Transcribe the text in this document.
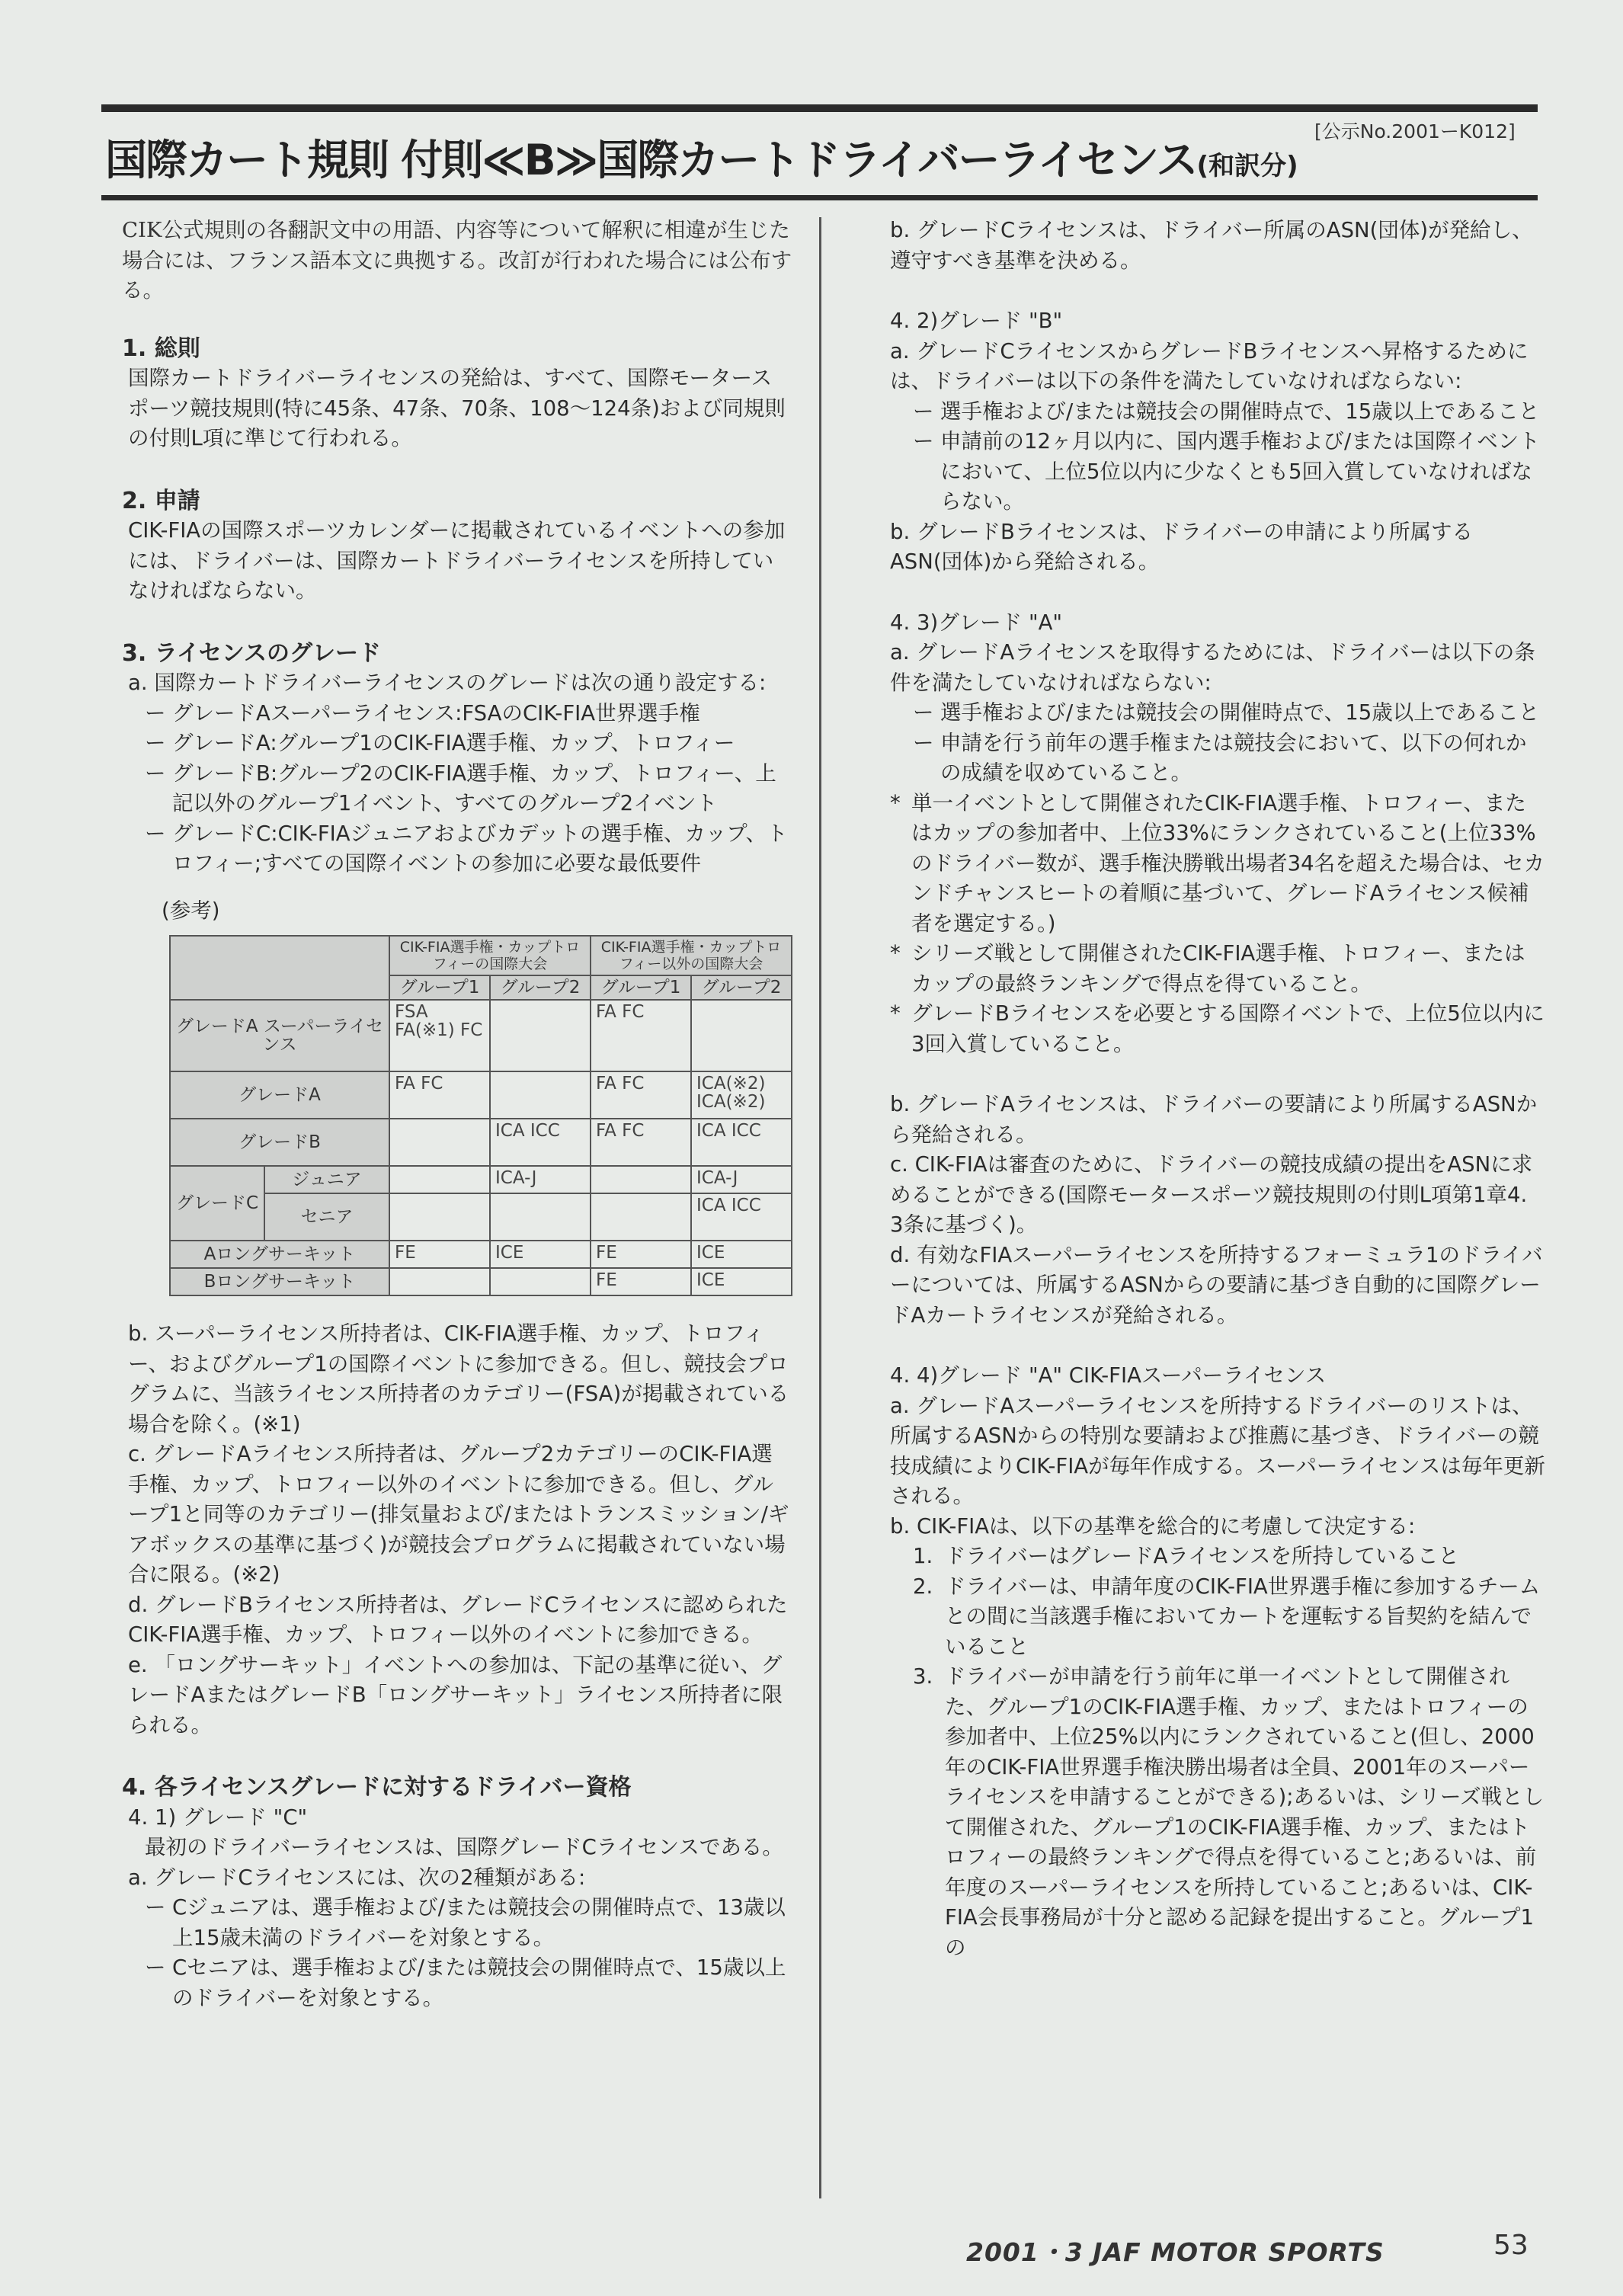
国際カート規則 付則≪B≫国際カートドライバーライセンス(和訳分)
[公示No.2001ーK012]
CIK公式規則の各翻訳文中の用語、内容等について解釈に相違が生じた場合には、フランス語本文に典拠する。改訂が行われた場合には公布する。
1. 総則
国際カートドライバーライセンスの発給は、すべて、国際モータースポーツ競技規則(特に45条、47条、70条、108〜124条)および同規則の付則L項に準じて行われる。
2. 申請
CIK-FIAの国際スポーツカレンダーに掲載されているイベントへの参加には、ドライバーは、国際カートドライバーライセンスを所持していなければならない。
3. ライセンスのグレード
a. 国際カートドライバーライセンスのグレードは次の通り設定する:
ー グレードAスーパーライセンス:FSAのCIK-FIA世界選手権
ー グレードA:グループ1のCIK-FIA選手権、カップ、トロフィー
ー グレードB:グループ2のCIK-FIA選手権、カップ、トロフィー、上記以外のグループ1イベント、すべてのグループ2イベント
ー グレードC:CIK-FIAジュニアおよびカデットの選手権、カップ、トロフィー;すべての国際イベントの参加に必要な最低要件
(参考)
		CIK-FIA選手権・カップトロフィーの国際大会		CIK-FIA選手権・カップトロフィー以外の国際大会	
		グループ1	グループ2	グループ1	グループ2
グレードA スーパーライセンス		FSA FA(※1) FC		FA FC	
グレードA		FA FC		FA FC	ICA(※2) ICA(※2)
グレードB			ICA ICC	FA FC	ICA ICC
グレードC	ジュニア		ICA-J		ICA-J
	セニア				ICA ICC
Aロングサーキット		FE	ICE	FE	ICE
Bロングサーキット				FE	ICE
b. スーパーライセンス所持者は、CIK-FIA選手権、カップ、トロフィー、およびグループ1の国際イベントに参加できる。但し、競技会プログラムに、当該ライセンス所持者のカテゴリー(FSA)が掲載されている場合を除く。(※1)
c. グレードAライセンス所持者は、グループ2カテゴリーのCIK-FIA選手権、カップ、トロフィー以外のイベントに参加できる。但し、グループ1と同等のカテゴリー(排気量および/またはトランスミッション/ギアボックスの基準に基づく)が競技会プログラムに掲載されていない場合に限る。(※2)
d. グレードBライセンス所持者は、グレードCライセンスに認められたCIK-FIA選手権、カップ、トロフィー以外のイベントに参加できる。
e. 「ロングサーキット」イベントへの参加は、下記の基準に従い、グレードAまたはグレードB「ロングサーキット」ライセンス所持者に限られる。
4. 各ライセンスグレードに対するドライバー資格
4. 1) グレード "C"
最初のドライバーライセンスは、国際グレードCライセンスである。
a. グレードCライセンスには、次の2種類がある:
ー Cジュニアは、選手権および/または競技会の開催時点で、13歳以上15歳未満のドライバーを対象とする。
ー Cセニアは、選手権および/または競技会の開催時点で、15歳以上のドライバーを対象とする。
b. グレードCライセンスは、ドライバー所属のASN(団体)が発給し、遵守すべき基準を決める。
4. 2)グレード "B"
a. グレードCライセンスからグレードBライセンスへ昇格するためには、ドライバーは以下の条件を満たしていなければならない:
ー 選手権および/または競技会の開催時点で、15歳以上であること
ー 申請前の12ヶ月以内に、国内選手権および/または国際イベントにおいて、上位5位以内に少なくとも5回入賞していなければならない。
b. グレードBライセンスは、ドライバーの申請により所属するASN(団体)から発給される。
4. 3)グレード "A"
a. グレードAライセンスを取得するためには、ドライバーは以下の条件を満たしていなければならない:
ー 選手権および/または競技会の開催時点で、15歳以上であること
ー 申請を行う前年の選手権または競技会において、以下の何れかの成績を収めていること。
* 単一イベントとして開催されたCIK-FIA選手権、トロフィー、またはカップの参加者中、上位33%にランクされていること(上位33%のドライバー数が、選手権決勝戦出場者34名を超えた場合は、セカンドチャンスヒートの着順に基づいて、グレードAライセンス候補者を選定する。)
* シリーズ戦として開催されたCIK-FIA選手権、トロフィー、またはカップの最終ランキングで得点を得ていること。
* グレードBライセンスを必要とする国際イベントで、上位5位以内に3回入賞していること。
b. グレードAライセンスは、ドライバーの要請により所属するASNから発給される。
c. CIK-FIAは審査のために、ドライバーの競技成績の提出をASNに求めることができる(国際モータースポーツ競技規則の付則L項第1章4. 3条に基づく)。
d. 有効なFIAスーパーライセンスを所持するフォーミュラ1のドライバーについては、所属するASNからの要請に基づき自動的に国際グレードAカートライセンスが発給される。
4. 4)グレード "A" CIK-FIAスーパーライセンス
a. グレードAスーパーライセンスを所持するドライバーのリストは、所属するASNからの特別な要請および推薦に基づき、ドライバーの競技成績によりCIK-FIAが毎年作成する。スーパーライセンスは毎年更新される。
b. CIK-FIAは、以下の基準を総合的に考慮して決定する:
1. ドライバーはグレードAライセンスを所持していること
2. ドライバーは、申請年度のCIK-FIA世界選手権に参加するチームとの間に当該選手権においてカートを運転する旨契約を結んでいること
3. ドライバーが申請を行う前年に単一イベントとして開催された、グループ1のCIK-FIA選手権、カップ、またはトロフィーの参加者中、上位25%以内にランクされていること(但し、2000年のCIK-FIA世界選手権決勝出場者は全員、2001年のスーパーライセンスを申請することができる);あるいは、シリーズ戦として開催された、グループ1のCIK-FIA選手権、カップ、またはトロフィーの最終ランキングで得点を得ていること;あるいは、前年度のスーパーライセンスを所持していること;あるいは、CIK-FIA会長事務局が十分と認める記録を提出すること。グループ1の
2001・3 JAF MOTOR SPORTS	53
